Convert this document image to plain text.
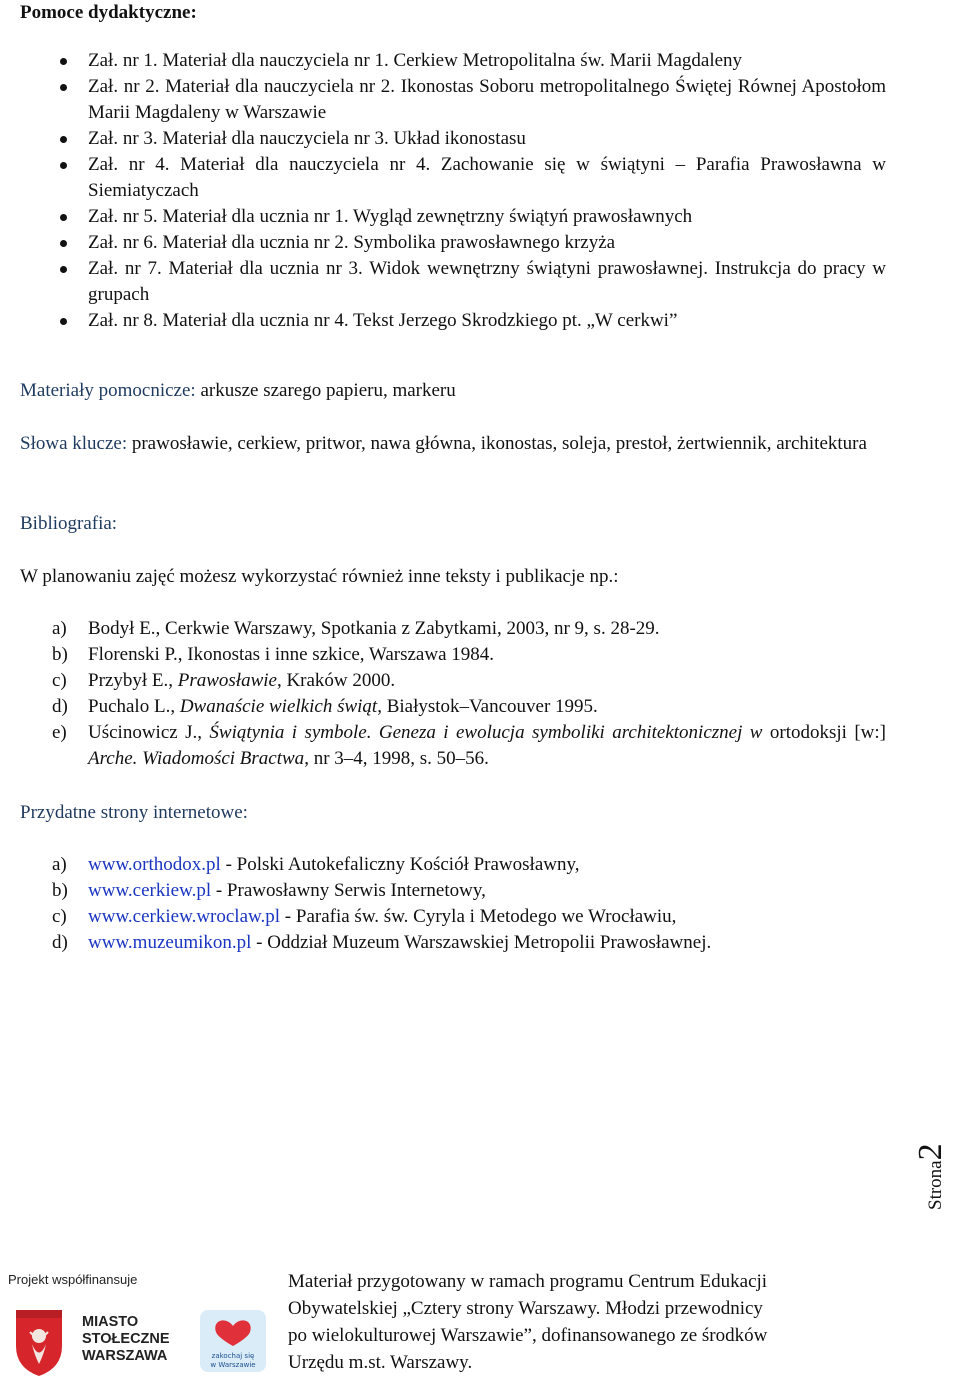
Pomoce dydaktyczne:
Zał. nr 1. Materiał dla nauczyciela nr 1. Cerkiew Metropolitalna św. Marii Magdaleny
Zał. nr 2. Materiał dla nauczyciela nr 2. Ikonostas Soboru metropolitalnego Świętej Równej Apostołom Marii Magdaleny w Warszawie
Zał. nr 3. Materiał dla nauczyciela nr 3. Układ ikonostasu
Zał. nr 4. Materiał dla nauczyciela nr 4. Zachowanie się w świątyni – Parafia Prawosławna w Siemiatyczach
Zał. nr 5. Materiał dla ucznia nr 1. Wygląd zewnętrzny świątyń prawosławnych
Zał. nr 6. Materiał dla ucznia nr 2. Symbolika prawosławnego krzyża
Zał. nr 7. Materiał dla ucznia nr 3. Widok wewnętrzny świątyni prawosławnej. Instrukcja do pracy w grupach
Zał. nr 8. Materiał dla ucznia nr 4. Tekst Jerzego Skrodzkiego pt. „W cerkwi”
Materiały pomocnicze: arkusze szarego papieru, markeru
Słowa klucze: prawosławie, cerkiew, pritwor, nawa główna, ikonostas, soleja, prestoł, żertwiennik, architektura
Bibliografia:
W planowaniu zajęć możesz wykorzystać również inne teksty i publikacje np.:
a) Bodył E., Cerkwie Warszawy, Spotkania z Zabytkami, 2003, nr 9, s. 28-29.
b) Florenski P., Ikonostas i inne szkice, Warszawa 1984.
c) Przybył E., Prawosławie, Kraków 2000.
d) Puchalo L., Dwanaście wielkich świąt, Białystok–Vancouver 1995.
e) Uścinowicz J., Świątynia i symbole. Geneza i ewolucja symboliki architektonicznej w ortodoksji [w:] Arche. Wiadomości Bractwa, nr 3–4, 1998, s. 50–56.
Przydatne strony internetowe:
a) www.orthodox.pl - Polski Autokefaliczny Kościół Prawosławny,
b) www.cerkiew.pl - Prawosławny Serwis Internetowy,
c) www.cerkiew.wroclaw.pl - Parafia św. św. Cyryla i Metodego we Wrocławiu,
d) www.muzeumikon.pl - Oddział Muzeum Warszawskiej Metropolii Prawosławnej.
Strona2
Projekt współfinansuje
MIASTO
STOŁECZNE
WARSZAWA	zakochaj się
w Warszawie
Materiał przygotowany w ramach programu Centrum Edukacji
Obywatelskiej „Cztery strony Warszawy. Młodzi przewodnicy
po wielokulturowej Warszawie”, dofinansowanego ze środków
Urzędu m.st. Warszawy.
